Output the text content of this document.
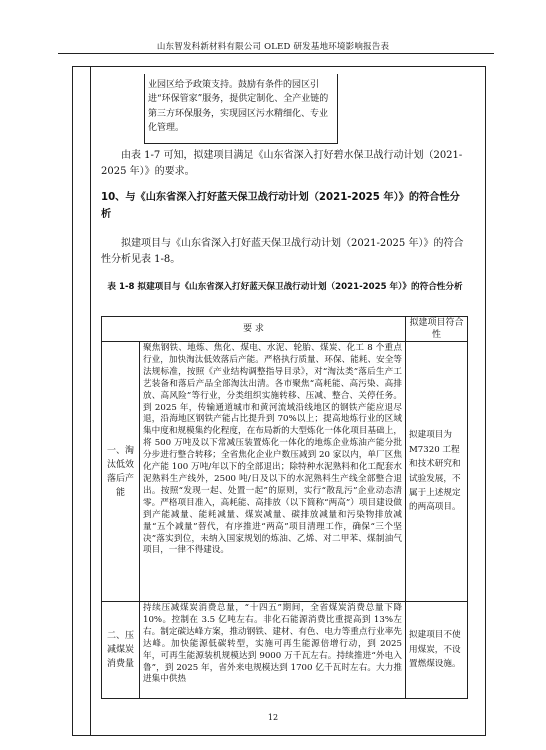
山东智发科新材料有限公司 OLED 研发基地环境影响报告表
业园区给予政策支持。鼓励有条件的园区引进“环保管家”服务，提供定制化、全产业链的第三方环保服务，实现园区污水精细化、专业化管理。
由表 1-7 可知，拟建项目满足《山东省深入打好碧水保卫战行动计划（2021-2025 年）》的要求。
10、与《山东省深入打好蓝天保卫战行动计划（2021-2025 年）》的符合性分析
拟建项目与《山东省深入打好蓝天保卫战行动计划（2021-2025 年）》的符合性分析见表 1-8。
表 1-8 拟建项目与《山东省深入打好蓝天保卫战行动计划（2021-2025 年）》的符合性分析
要 求		拟建项目符合性
一、淘汰低效落后产能	聚焦钢铁、地炼、焦化、煤电、水泥、轮胎、煤炭、化工 8 个重点行业，加快淘汰低效落后产能。严格执行质量、环保、能耗、安全等法规标准，按照《产业结构调整指导目录》，对“淘汰类”落后生产工艺装备和落后产品全部淘汰出清。各市聚焦“高耗能、高污染、高排放、高风险”等行业，分类组织实施转移、压减、整合、关停任务。到 2025 年，传输通道城市和黄河流域沿线地区的钢铁产能应退尽退，沿海地区钢铁产能占比提升到 70%以上；提高地炼行业的区域集中度和规模集约化程度，在布局新的大型炼化一体化项目基础上，将 500 万吨及以下常减压装置炼化一体化的地炼企业炼油产能分批分步进行整合转移；全省焦化企业户数压减到 20 家以内，单厂区焦化产能 100 万吨/年以下的全部退出；除特种水泥熟料和化工配套水泥熟料生产线外，2500 吨/日及以下的水泥熟料生产线全部整合退出。按照“发现一起、处置一起”的原则，实行“散乱污”企业动态清零。严格项目准入，高耗能、高排放（以下简称“两高”）项目建设做到产能减量、能耗减量、煤炭减量、碳排放减量和污染物排放减量“五个减量”替代，有序推进“两高”项目清理工作，确保“三个坚决”落实到位，未纳入国家规划的炼油、乙烯、对二甲苯、煤制油气项目，一律不得建设。	拟建项目为 M7320 工程和技术研究和试验发展，不属于上述规定的两高项目。
二、压减煤炭消费量	持续压减煤炭消费总量，“十四五”期间，全省煤炭消费总量下降 10%。控制在 3.5 亿吨左右。非化石能源消费比重提高到 13%左右。制定碳达峰方案，推动钢铁、建材、有色、电力等重点行业率先达峰。加快能源低碳转型，实施可再生能源倍增行动，到 2025 年，可再生能源装机规模达到 9000 万千瓦左右。持续推进“外电入鲁”，到 2025 年，省外来电规模达到 1700 亿千瓦时左右。大力推进集中供热	拟建项目不使用煤炭，不设置燃煤设施。
12
